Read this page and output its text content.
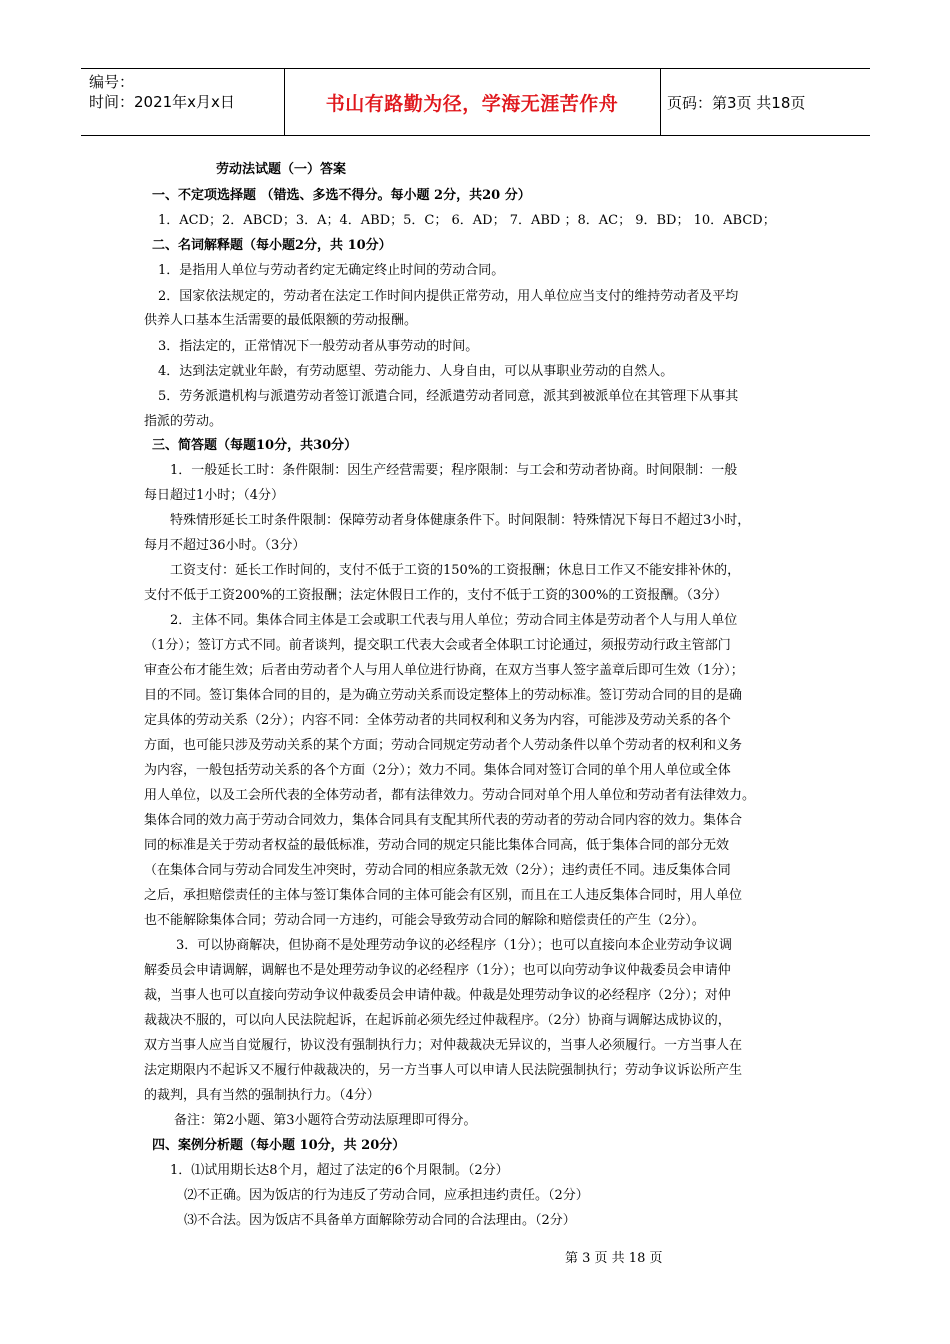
编号：
时间：2021年x月x日	书山有路勤为径，学海无涯苦作舟	页码：第3页 共18页
劳动法试题（一）答案
一、不定项选择题 （错选、多选不得分。每小题 2分，共20 分）
1．ACD；2．ABCD；3．A；4．ABD；5．C； 6．AD； 7．ABD ；8．AC； 9．BD； 10．ABCD；
二、名词解释题（每小题2分，共 10分）
1．是指用人单位与劳动者约定无确定终止时间的劳动合同。
2．国家依法规定的，劳动者在法定工作时间内提供正常劳动，用人单位应当支付的维持劳动者及平均
供养人口基本生活需要的最低限额的劳动报酬。
3．指法定的，正常情况下一般劳动者从事劳动的时间。
4．达到法定就业年龄，有劳动愿望、劳动能力、人身自由，可以从事职业劳动的自然人。
5．劳务派遣机构与派遣劳动者签订派遣合同，经派遣劳动者同意，派其到被派单位在其管理下从事其
指派的劳动。
三、简答题（每题10分，共30分）
1．一般延长工时：条件限制：因生产经营需要；程序限制：与工会和劳动者协商。时间限制：一般
每日超过1小时；（4分）
特殊情形延长工时条件限制：保障劳动者身体健康条件下。时间限制：特殊情况下每日不超过3小时，
每月不超过36小时。（3分）
工资支付：延长工作时间的，支付不低于工资的150%的工资报酬；休息日工作又不能安排补休的，
支付不低于工资200%的工资报酬；法定休假日工作的，支付不低于工资的300%的工资报酬。（3分）
2．主体不同。集体合同主体是工会或职工代表与用人单位；劳动合同主体是劳动者个人与用人单位
（1分）；签订方式不同。前者谈判，提交职工代表大会或者全体职工讨论通过，须报劳动行政主管部门
审查公布才能生效；后者由劳动者个人与用人单位进行协商，在双方当事人签字盖章后即可生效（1分）；
目的不同。签订集体合同的目的，是为确立劳动关系而设定整体上的劳动标准。签订劳动合同的目的是确
定具体的劳动关系（2分）；内容不同：全体劳动者的共同权利和义务为内容，可能涉及劳动关系的各个
方面，也可能只涉及劳动关系的某个方面；劳动合同规定劳动者个人劳动条件以单个劳动者的权利和义务
为内容，一般包括劳动关系的各个方面（2分）；效力不同。集体合同对签订合同的单个用人单位或全体
用人单位，以及工会所代表的全体劳动者，都有法律效力。劳动合同对单个用人单位和劳动者有法律效力。
集体合同的效力高于劳动合同效力，集体合同具有支配其所代表的劳动者的劳动合同内容的效力。集体合
同的标准是关于劳动者权益的最低标准，劳动合同的规定只能比集体合同高，低于集体合同的部分无效
（在集体合同与劳动合同发生冲突时，劳动合同的相应条款无效（2分）；违约责任不同。违反集体合同
之后，承担赔偿责任的主体与签订集体合同的主体可能会有区别，而且在工人违反集体合同时，用人单位
也不能解除集体合同；劳动合同一方违约，可能会导致劳动合同的解除和赔偿责任的产生（2分）。
3．可以协商解决，但协商不是处理劳动争议的必经程序（1分）；也可以直接向本企业劳动争议调
解委员会申请调解，调解也不是处理劳动争议的必经程序（1分）；也可以向劳动争议仲裁委员会申请仲
裁，当事人也可以直接向劳动争议仲裁委员会申请仲裁。仲裁是处理劳动争议的必经程序（2分）；对仲
裁裁决不服的，可以向人民法院起诉，在起诉前必须先经过仲裁程序。（2分）协商与调解达成协议的，
双方当事人应当自觉履行，协议没有强制执行力；对仲裁裁决无异议的，当事人必须履行。一方当事人在
法定期限内不起诉又不履行仲裁裁决的，另一方当事人可以申请人民法院强制执行；劳动争议诉讼所产生
的裁判，具有当然的强制执行力。（4分）
备注：第2小题、第3小题符合劳动法原理即可得分。
四、案例分析题（每小题 10分，共 20分）
1．⑴试用期长达8个月，超过了法定的6个月限制。（2分）
⑵不正确。因为饭店的行为违反了劳动合同，应承担违约责任。（2分）
⑶不合法。因为饭店不具备单方面解除劳动合同的合法理由。（2分）
第 3 页 共 18 页
